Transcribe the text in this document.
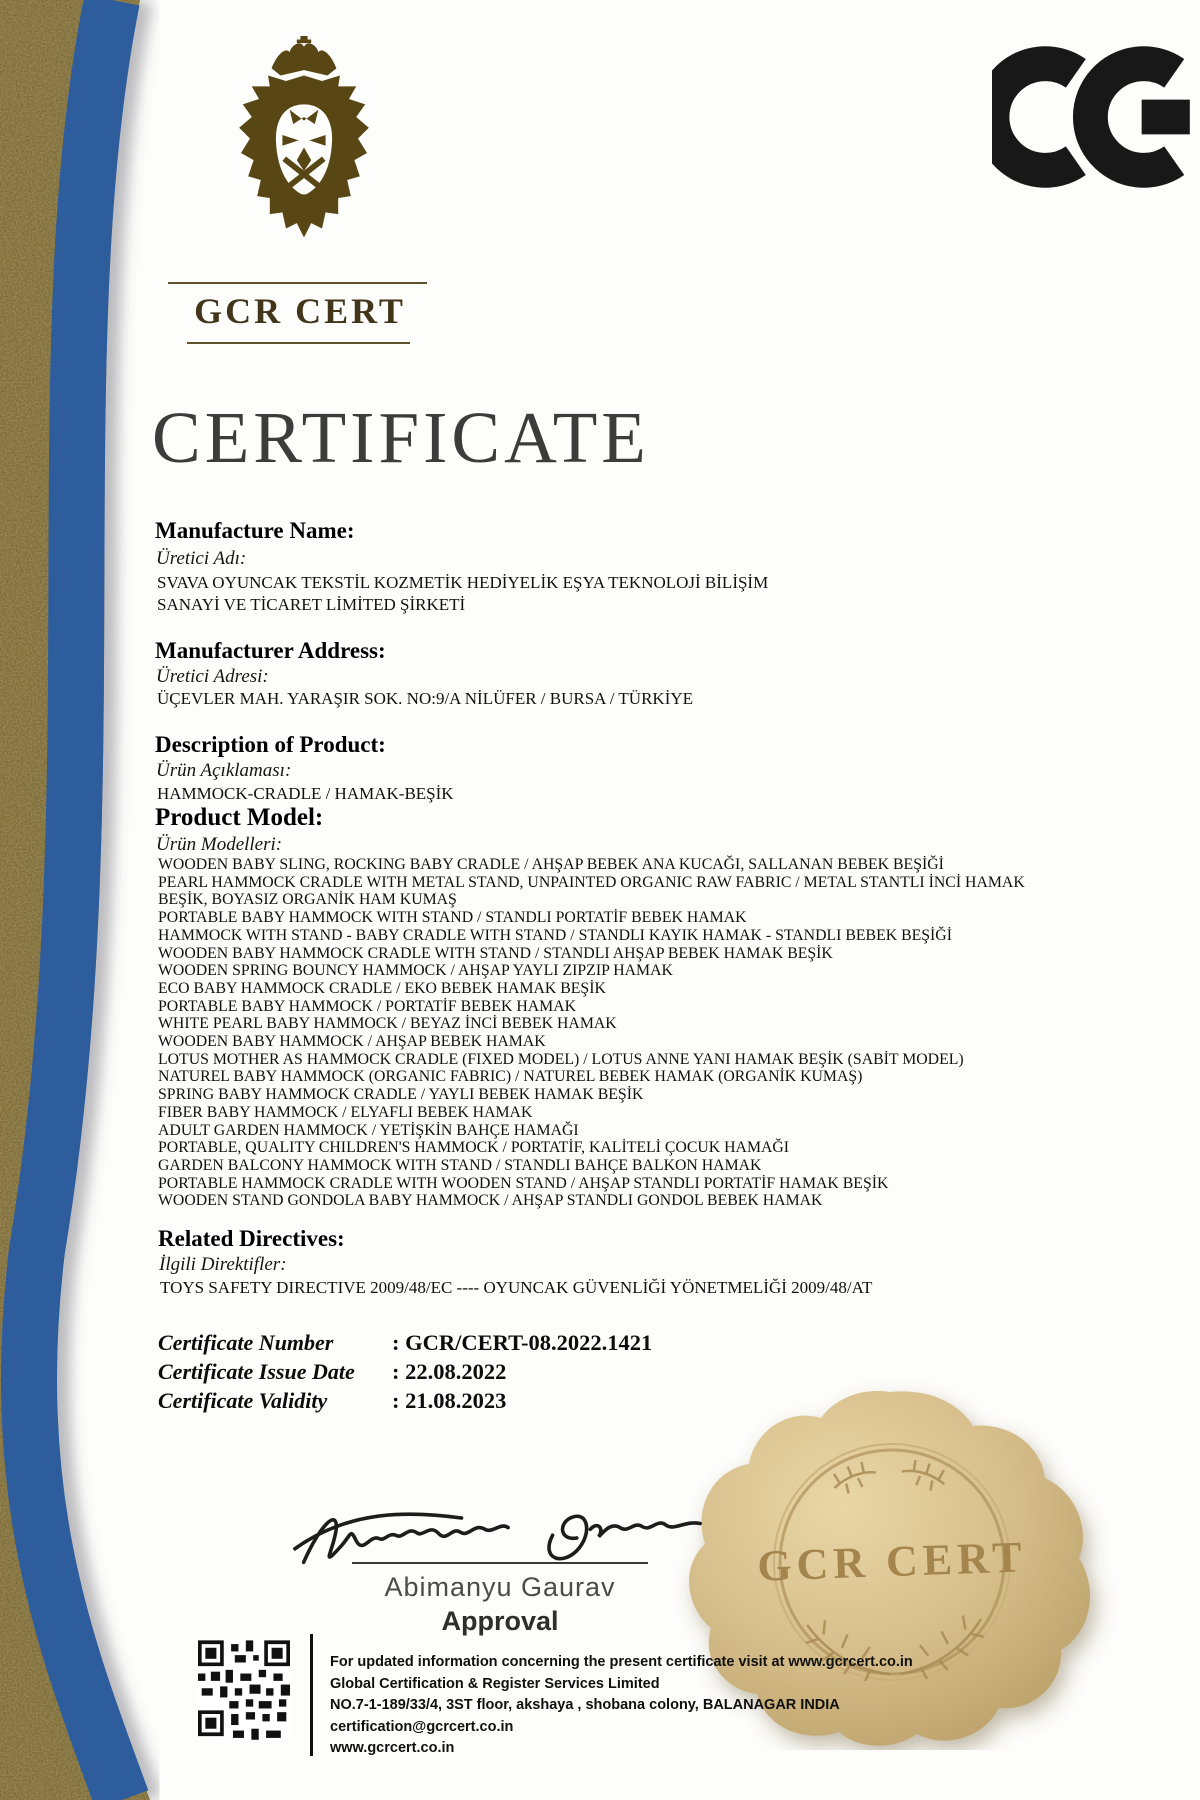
GCR CERT
CERTIFICATE
Manufacture Name:
Üretici Adı:
SVAVA OYUNCAK TEKSTİL KOZMETİK HEDİYELİK EŞYA TEKNOLOJİ BİLİŞİM
SANAYİ VE TİCARET LİMİTED ŞİRKETİ
Manufacturer Address:
Üretici Adresi:
ÜÇEVLER MAH. YARAŞIR SOK. NO:9/A NİLÜFER / BURSA / TÜRKİYE
Description of Product:
Ürün Açıklaması:
HAMMOCK-CRADLE / HAMAK-BEŞİK
Product Model:
Ürün Modelleri:
WOODEN BABY SLING, ROCKING BABY CRADLE / AHŞAP BEBEK ANA KUCAĞI, SALLANAN BEBEK BEŞİĞİ
PEARL HAMMOCK CRADLE WITH METAL STAND, UNPAINTED ORGANIC RAW FABRIC / METAL STANTLI İNCİ HAMAK
BEŞİK, BOYASIZ ORGANİK HAM KUMAŞ
PORTABLE BABY HAMMOCK WITH STAND / STANDLI PORTATİF BEBEK HAMAK
HAMMOCK WITH STAND - BABY CRADLE WITH STAND / STANDLI KAYIK HAMAK - STANDLI BEBEK BEŞİĞİ
WOODEN BABY HAMMOCK CRADLE WITH STAND / STANDLI AHŞAP BEBEK HAMAK BEŞİK
WOODEN SPRING BOUNCY HAMMOCK / AHŞAP YAYLI ZIPZIP HAMAK
ECO BABY HAMMOCK CRADLE / EKO BEBEK HAMAK BEŞİK
PORTABLE BABY HAMMOCK / PORTATİF BEBEK HAMAK
WHITE PEARL BABY HAMMOCK / BEYAZ İNCİ BEBEK HAMAK
WOODEN BABY HAMMOCK / AHŞAP BEBEK HAMAK
LOTUS MOTHER AS HAMMOCK CRADLE (FIXED MODEL) / LOTUS ANNE YANI HAMAK BEŞİK (SABİT MODEL)
NATUREL BABY HAMMOCK (ORGANIC FABRIC) / NATUREL BEBEK HAMAK (ORGANİK KUMAŞ)
SPRING BABY HAMMOCK CRADLE / YAYLI BEBEK HAMAK BEŞİK
FIBER BABY HAMMOCK / ELYAFLI BEBEK HAMAK
ADULT GARDEN HAMMOCK / YETİŞKİN BAHÇE HAMAĞI
PORTABLE, QUALITY CHILDREN'S HAMMOCK / PORTATİF, KALİTELİ ÇOCUK HAMAĞI
GARDEN BALCONY HAMMOCK WITH STAND / STANDLI BAHÇE BALKON HAMAK
PORTABLE HAMMOCK CRADLE WITH WOODEN STAND / AHŞAP STANDLI PORTATİF HAMAK BEŞİK
WOODEN STAND GONDOLA BABY HAMMOCK / AHŞAP STANDLI GONDOL BEBEK HAMAK
Related Directives:
İlgili Direktifler:
TOYS SAFETY DIRECTIVE 2009/48/EC ---- OYUNCAK GÜVENLİĞİ YÖNETMELİĞİ 2009/48/AT
Certificate Number	: GCR/CERT-08.2022.1421
Certificate Issue Date	: 22.08.2022
Certificate Validity	: 21.08.2023
GCR CERT
Abimanyu Gaurav
Approval
For updated information concerning the present certificate visit at www.gcrcert.co.in
Global Certification & Register Services Limited
NO.7-1-189/33/4, 3ST floor, akshaya , shobana colony, BALANAGAR INDIA
certification@gcrcert.co.in
www.gcrcert.co.in
